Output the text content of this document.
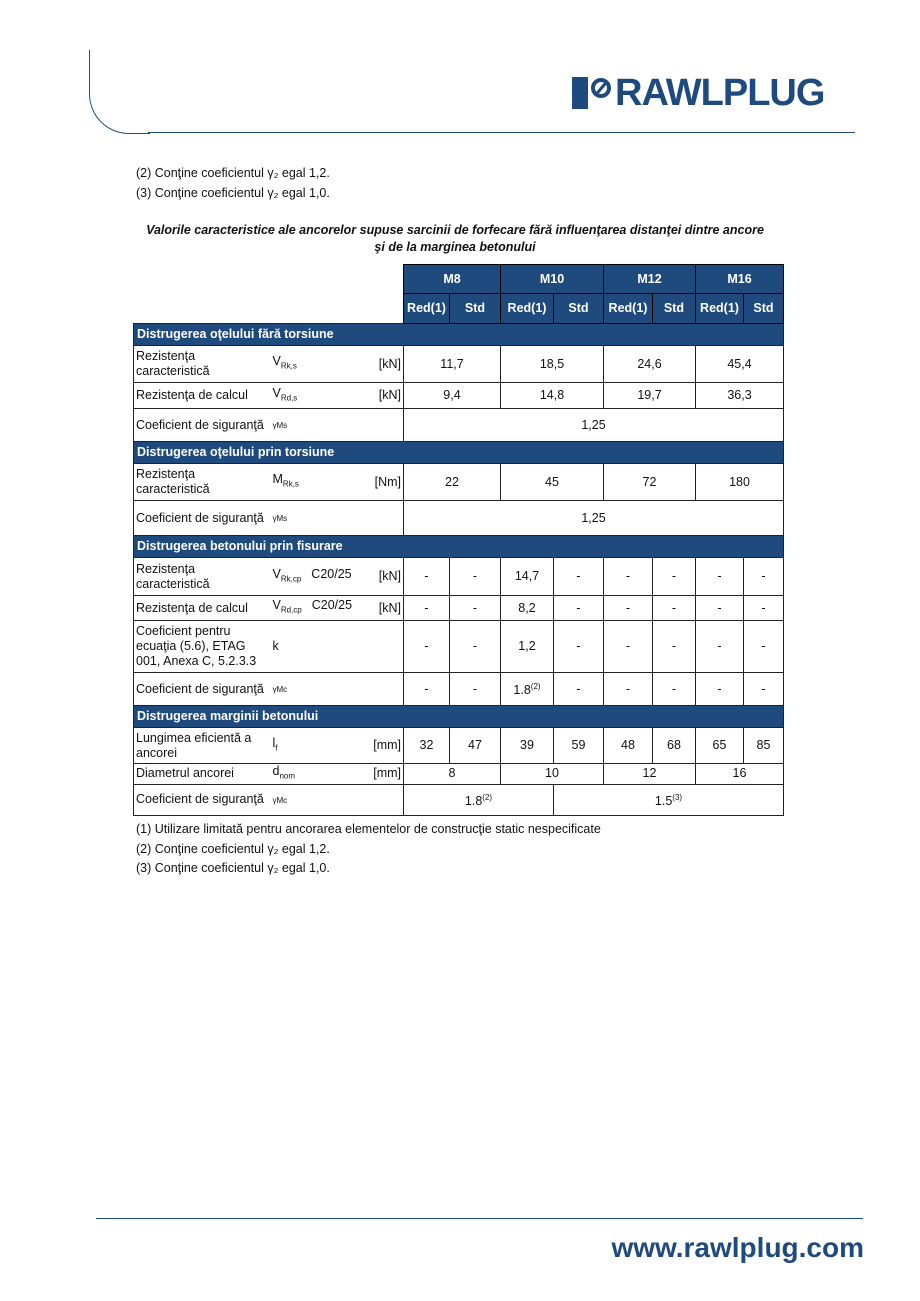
RAWLPLUG
(2) Conţine coeficientul γ₂ egal 1,2.
(3) Conţine coeficientul γ₂ egal 1,0.
Valorile caracteristice ale ancorelor supuse sarcinii de forfecare fără influenţarea distanţei dintre ancore şi de la marginea betonului
			M8		M10		M12		M16	
			Red(1)	Std	Red(1)	Std	Red(1)	Std	Red(1)	Std
Distrugerea oţelului fără torsiune										
Rezistenţa caracteristică	$V_{Rk,s}$	[kN]	11,7		18,5		24,6		45,4	
Rezistenţa de calcul	$V_{Rd,s}$	[kN]	9,4		14,8		19,7		36,3	
Coeficient de siguranţă	γMs		1,25							
Distrugerea oţelului prin torsiune										
Rezistenţa caracteristică	$M_{Rk,s}$	[Nm]	22		45		72		180	
Coeficient de siguranţă	γMs		1,25							
Distrugerea betonului prin fisurare										
Rezistenţa caracteristică	$V_{Rk,cp}$ C20/25	[kN]	-	-	14,7	-	-	-	-	-
Rezistenţa de calcul	$V_{Rd,cp}$ C20/25	[kN]	-	-	8,2	-	-	-	-	-
Coeficient pentru ecuaţia (5.6), ETAG 001, Anexa C, 5.2.3.3	k		-	-	1,2	-	-	-	-	-
Coeficient de siguranţă	γMc		-	-	1.8$^{(2)}$	-	-	-	-	-
Distrugerea marginii betonului										
Lungimea eficientă a ancorei	$l_f$	[mm]	32	47	39	59	48	68	65	85
Diametrul ancorei	$d_{nom}$	[mm]	8		10		12		16	
Coeficient de siguranţă	γMc		1.8$^{(2)}$			1.5$^{(3)}$
(1) Utilizare limitată pentru ancorarea elementelor de construcţie static nespecificate
(2) Conţine coeficientul γ₂ egal 1,2.
(3) Conţine coeficientul γ₂ egal 1,0.
www.rawlplug.com
